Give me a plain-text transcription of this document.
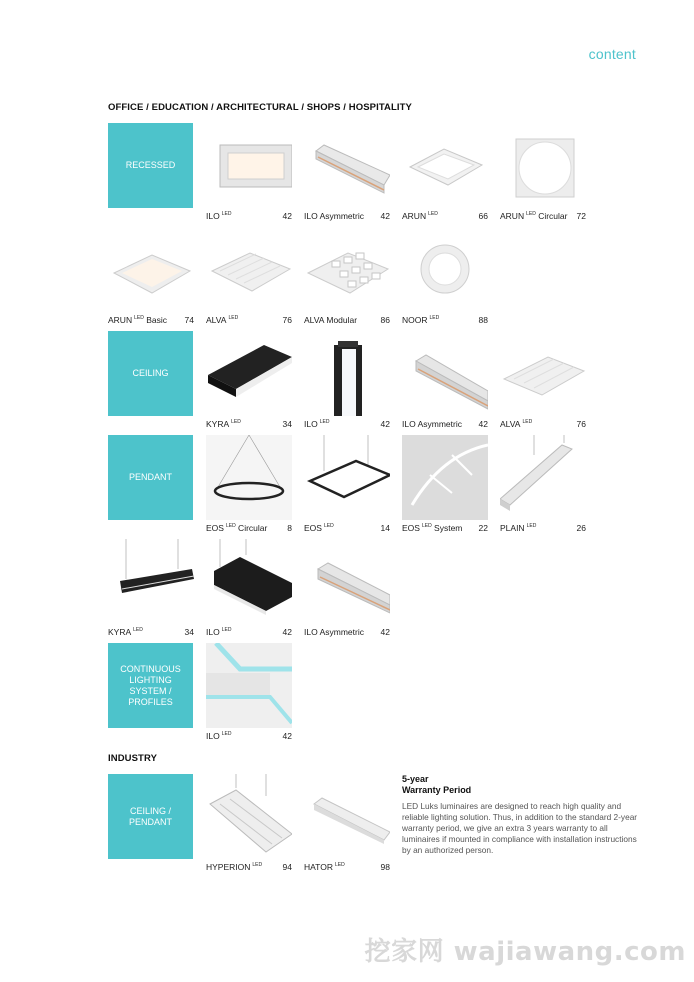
content
OFFICE / EDUCATION / ARCHITECTURAL / SHOPS / HOSPITALITY
RECESSED
ILO $^{LED}$	42 ILO Asymmetric 42 ARUN $^{LED}$	66 ARUN $^{LED}$ Circular 72
ARUN $^{LED}$ Basic 74 ALVA $^{LED}$	76 ALVA Modular	86 NOOR $^{LED}$	88
CEILING
KYRA $^{LED}$	34 ILO $^{LED}$	42 ILO Asymmetric 42 ALVA $^{LED}$	76
PENDANT
EOS $^{LED}$ Circular 8 EOS $^{LED}$	14 EOS $^{LED}$ System 22 PLAIN $^{LED}$	26
KYRA $^{LED}$	34 ILO $^{LED}$	42 ILO Asymmetric 42
CONTINUOUS LIGHTING SYSTEM / PROFILES
ILO $^{LED}$	42
INDUSTRY
CEILING / PENDANT
HYPERION $^{LED}$ 94 HATOR $^{LED}$	98
5-year
Warranty Period
LED Luks luminaires are designed to reach high quality and reliable lighting solution. Thus, in addition to the standard 2-year warranty period, we give an extra 3 years warranty to all luminaires if mounted in compliance with installation instructions by an authorized person.
挖家网 wajiawang.com
